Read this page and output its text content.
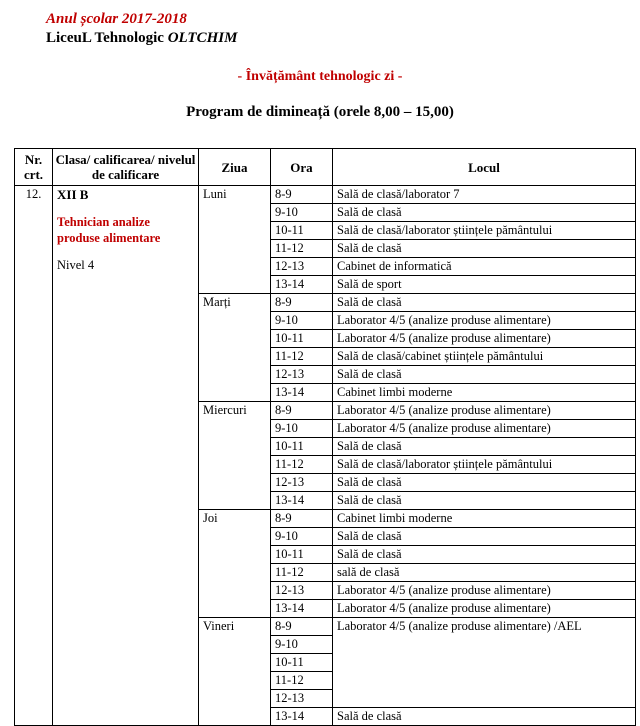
Anul școlar 2017-2018
LiceuL Tehnologic OLTCHIM
- Învățământ tehnologic zi -
Program de dimineață (orele 8,00 – 15,00)
Nr.
crt.	Clasa/ calificarea/ nivelul de calificare	Ziua	Ora	Locul
12.	XII B
Tehnician analize produse alimentare
Nivel 4	Luni	8-9	Sală de clasă/laborator 7
			9-10	Sală de clasă
			10-11	Sală de clasă/laborator științele pământului
			11-12	Sală de clasă
			12-13	Cabinet de informatică
			13-14	Sală de sport
		Marți	8-9	Sală de clasă
			9-10	Laborator 4/5 (analize produse alimentare)
			10-11	Laborator 4/5 (analize produse alimentare)
			11-12	Sală de clasă/cabinet științele pământului
			12-13	Sală de clasă
			13-14	Cabinet limbi moderne
		Miercuri	8-9	Laborator 4/5 (analize produse alimentare)
			9-10	Laborator 4/5 (analize produse alimentare)
			10-11	Sală de clasă
			11-12	Sală de clasă/laborator științele pământului
			12-13	Sală de clasă
			13-14	Sală de clasă
		Joi	8-9	Cabinet limbi moderne
			9-10	Sală de clasă
			10-11	Sală de clasă
			11-12	sală de clasă
			12-13	Laborator 4/5 (analize produse alimentare)
			13-14	Laborator 4/5 (analize produse alimentare)
		Vineri	8-9	Laborator 4/5 (analize produse alimentare) /AEL
			9-10	
			10-11	
			11-12	
			12-13	
			13-14	Sală de clasă
